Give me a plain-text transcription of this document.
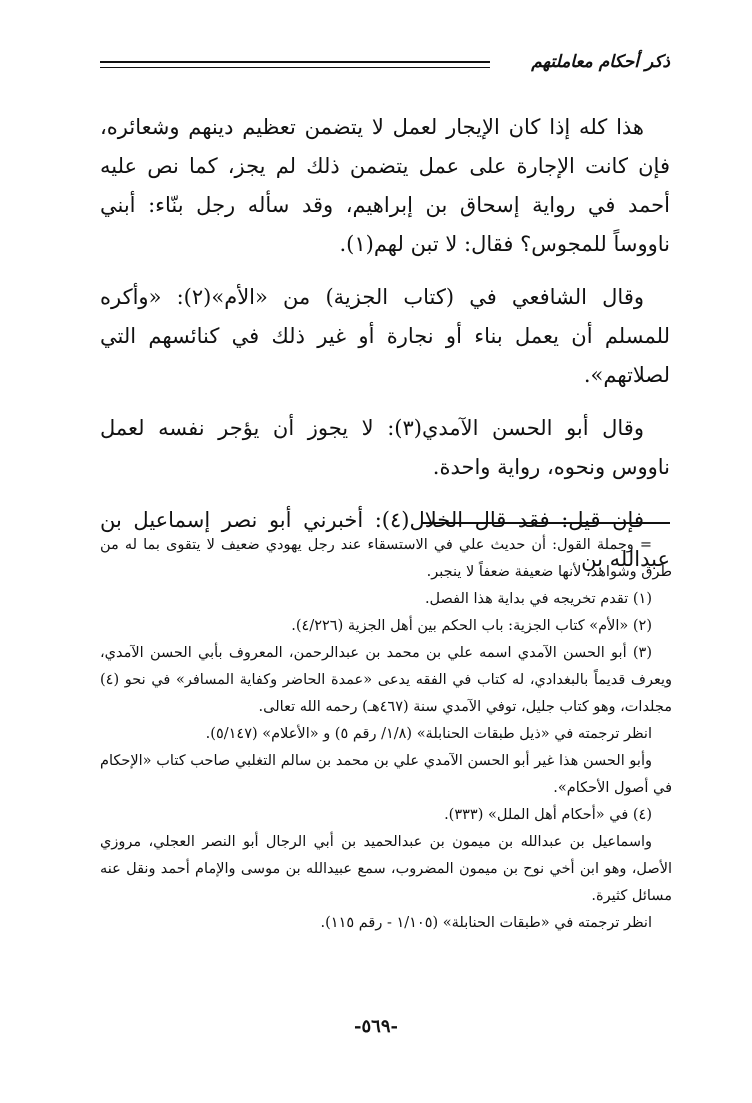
ذكر أحكام معاملتهم

هذا كله إذا كان الإيجار لعمل لا يتضمن تعظيم دينهم وشعائره، فإن كانت الإجارة على عمل يتضمن ذلك لم يجز، كما نص عليه أحمد في رواية إسحاق بن إبراهيم، وقد سأله رجل بنّاء: أبني ناووساً للمجوس؟ فقال: لا تبن لهم(١).

وقال الشافعي في (كتاب الجزية) من «الأم»(٢): «وأكره للمسلم أن يعمل بناء أو نجارة أو غير ذلك في كنائسهم التي لصلاتهم».

وقال أبو الحسن الآمدي(٣): لا يجوز أن يؤجر نفسه لعمل ناووس ونحوه، رواية واحدة.

فإن قيل: فقد قال الخلال(٤): أخبرني أبو نصر إسماعيل بن عبدالله بن

= وجملة القول: أن حديث علي في الاستسقاء عند رجل يهودي ضعيف لا يتقوى بما له من طرق وشواهد، لأنها ضعيفة ضعفاً لا ينجبر.

(١) تقدم تخريجه في بداية هذا الفصل.

(٢) «الأم» كتاب الجزية: باب الحكم بين أهل الجزية (٤/٢٢٦).

(٣) أبو الحسن الآمدي اسمه علي بن محمد بن عبدالرحمن، المعروف بأبي الحسن الآمدي، ويعرف قديماً بالبغدادي، له كتاب في الفقه يدعى «عمدة الحاضر وكفاية المسافر» في نحو (٤) مجلدات، وهو كتاب جليل، توفي الآمدي سنة (٤٦٧هـ) رحمه الله تعالى.

انظر ترجمته في «ذيل طبقات الحنابلة» (١/٨/ رقم ٥) و «الأعلام» (٥/١٤٧).

وأبو الحسن هذا غير أبو الحسن الآمدي علي بن محمد بن سالم التغلبي صاحب كتاب «الإحكام في أصول الأحكام».

(٤) في «أحكام أهل الملل» (٣٣٣).

واسماعيل بن عبدالله بن ميمون بن عبدالحميد بن أبي الرجال أبو النصر العجلي، مروزي الأصل، وهو ابن أخي نوح بن ميمون المضروب، سمع عبيدالله بن موسى والإمام أحمد ونقل عنه مسائل كثيرة.

انظر ترجمته في «طبقات الحنابلة» (١/١٠٥ - رقم ١١٥).

-٥٦٩-
